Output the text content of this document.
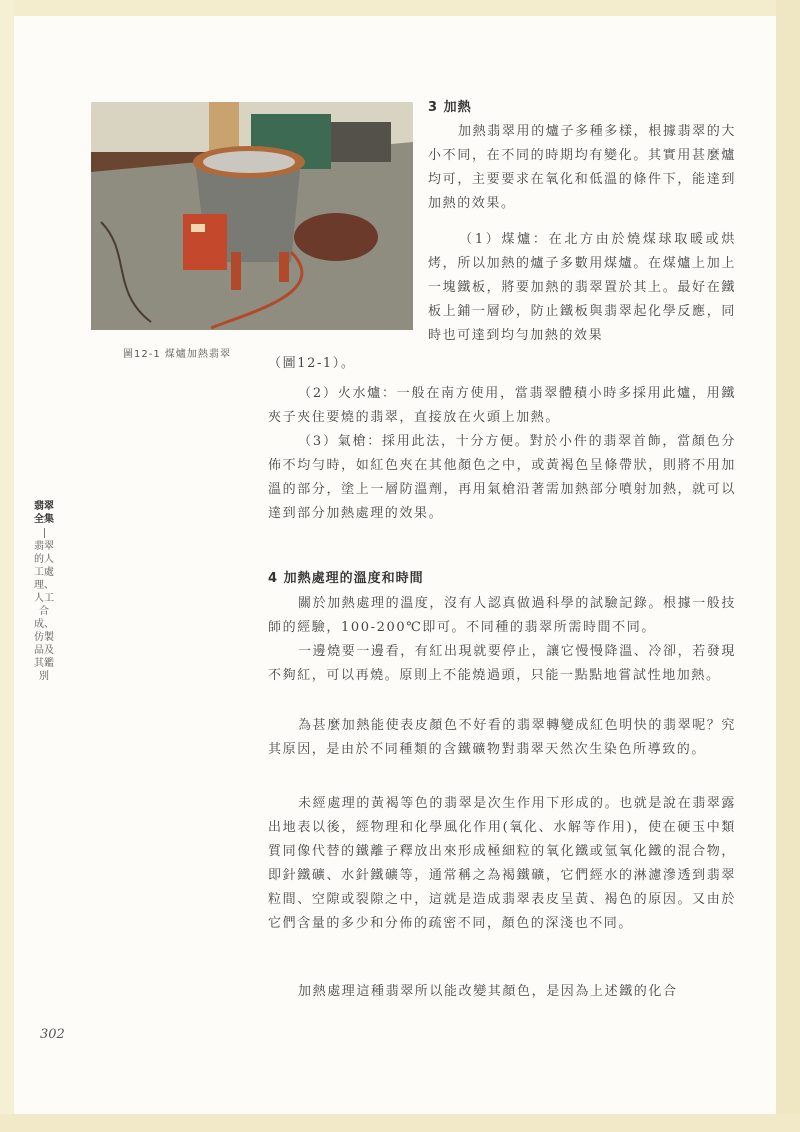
圖12-1 煤爐加熱翡翠
3 加熱

加熱翡翠用的爐子多種多樣，根據翡翠的大小不同，在不同的時期均有變化。其實用甚麼爐均可，主要要求在氧化和低溫的條件下，能達到加熱的效果。

（1）煤爐：在北方由於燒煤球取暖或烘烤，所以加熱的爐子多數用煤爐。在煤爐上加上一塊鐵板，將要加熱的翡翠置於其上。最好在鐵板上鋪一層砂，防止鐵板與翡翠起化學反應，同時也可達到均勻加熱的效果

（圖12-1）。

（2）火水爐：一般在南方使用，當翡翠體積小時多採用此爐，用鐵夾子夾住要燒的翡翠，直接放在火頭上加熱。

（3）氣槍：採用此法，十分方便。對於小件的翡翠首飾，當顏色分佈不均勻時，如紅色夾在其他顏色之中，或黃褐色呈條帶狀，則將不用加溫的部分，塗上一層防溫劑，再用氣槍沿著需加熱部分噴射加熱，就可以達到部分加熱處理的效果。

4 加熱處理的溫度和時間

關於加熱處理的溫度，沒有人認真做過科學的試驗記錄。根據一般技師的經驗，100-200℃即可。不同種的翡翠所需時間不同。

一邊燒要一邊看，有紅出現就要停止，讓它慢慢降溫、冷卻，若發現不夠紅，可以再燒。原則上不能燒過頭，只能一點點地嘗試性地加熱。

為甚麼加熱能使表皮顏色不好看的翡翠轉變成紅色明快的翡翠呢？究其原因，是由於不同種類的含鐵礦物對翡翠天然次生染色所導致的。

未經處理的黃褐等色的翡翠是次生作用下形成的。也就是說在翡翠露出地表以後，經物理和化學風化作用(氧化、水解等作用)，使在硬玉中類質同像代替的鐵離子釋放出來形成極細粒的氧化鐵或氫氧化鐵的混合物，即針鐵礦、水針鐵礦等，通常稱之為褐鐵礦，它們經水的淋濾滲透到翡翠粒間、空隙或裂隙之中，這就是造成翡翠表皮呈黃、褐色的原因。又由於它們含量的多少和分佈的疏密不同，顏色的深淺也不同。

加熱處理這種翡翠所以能改變其顏色，是因為上述鐵的化合

翡翠全集
翡翠的人工處理、人工合成、仿製品及其鑑別
302
